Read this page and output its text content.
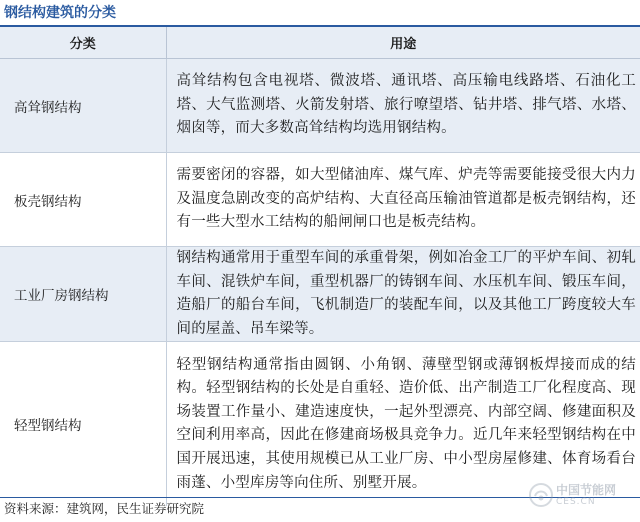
钢结构建筑的分类
分类	用途
高耸钢结构	高耸结构包含电视塔、微波塔、通讯塔、高压输电线路塔、石油化工塔、大气监测塔、火箭发射塔、旅行嘹望塔、钻井塔、排气塔、水塔、烟囱等，而大多数高耸结构均选用钢结构。
板壳钢结构	需要密闭的容器，如大型储油库、煤气库、炉壳等需要能接受很大内力及温度急剧改变的高炉结构、大直径高压输油管道都是板壳钢结构，还有一些大型水工结构的船闸闸口也是板壳结构。
工业厂房钢结构	钢结构通常用于重型车间的承重骨架，例如冶金工厂的平炉车间、初轧车间、混铁炉车间，重型机器厂的铸钢车间、水压机车间、锻压车间，造船厂的船台车间，飞机制造厂的装配车间，以及其他工厂跨度较大车间的屋盖、吊车梁等。
轻型钢结构	轻型钢结构通常指由圆钢、小角钢、薄壁型钢或薄钢板焊接而成的结构。轻型钢结构的长处是自重轻、造价低、出产制造工厂化程度高、现场装置工作量小、建造速度快，一起外型漂亮、内部空阔、修建面积及空间利用率高，因此在修建商场极具竞争力。近几年来轻型钢结构在中国开展迅速，其使用规模已从工业厂房、中小型房屋修建、体育场看台雨蓬、小型库房等向住所、别墅开展。
资料来源：建筑网，民生证券研究院
中国节能网
CES.CN
